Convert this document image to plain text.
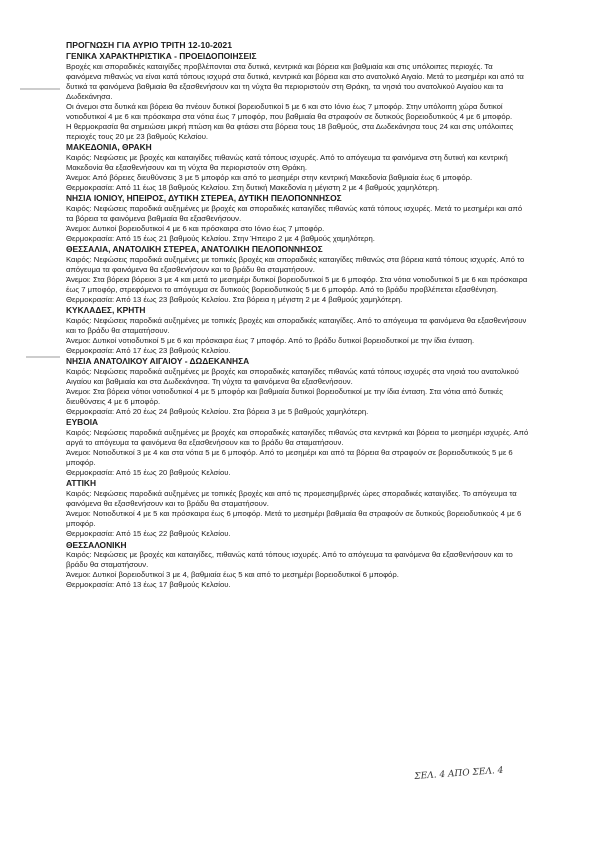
ΠΡΟΓΝΩΣΗ ΓΙΑ ΑΥΡΙΟ ΤΡΙΤΗ 12-10-2021
ΓΕΝΙΚΑ ΧΑΡΑΚΤΗΡΙΣΤΙΚΑ - ΠΡΟΕΙΔΟΠΟΙΗΣΕΙΣ

Βροχές και σποραδικές καταιγίδες προβλέπονται στα δυτικά, κεντρικά και βόρεια και βαθμιαία και στις υπόλοιπες περιοχές. Τα φαινόμενα πιθανώς να είναι κατά τόπους ισχυρά στα δυτικά, κεντρικά και βόρεια και στο ανατολικό Αιγαίο. Μετά το μεσημέρι και από τα δυτικά τα φαινόμενα βαθμιαία θα εξασθενήσουν και τη νύχτα θα περιοριστούν στη Θράκη, τα νησιά του ανατολικού Αιγαίου και τα Δωδεκάνησα.

Οι άνεμοι στα δυτικά και βόρεια θα πνέουν δυτικοί βορειοδυτικοί 5 με 6 και στο Ιόνιο έως 7 μποφόρ. Στην υπόλοιπη χώρα δυτικοί νοτιοδυτικοί 4 με 6 και πρόσκαιρα στα νότια έως 7 μποφόρ, που βαθμιαία θα στραφούν σε δυτικούς βορειοδυτικούς 4 με 6 μποφόρ.

Η θερμοκρασία θα σημειώσει μικρή πτώση και θα φτάσει στα βόρεια τους 18 βαθμούς, στα Δωδεκάνησα τους 24 και στις υπόλοιπες περιοχές τους 20 με 23 βαθμούς Κελσίου.

ΜΑΚΕΔΟΝΙΑ, ΘΡΑΚΗ

Καιρός: Νεφώσεις με βροχές και καταιγίδες πιθανώς κατά τόπους ισχυρές. Από το απόγευμα τα φαινόμενα στη δυτική και κεντρική Μακεδονία θα εξασθενήσουν και τη νύχτα θα περιοριστούν στη Θράκη.

Άνεμοι: Από βόρειες διευθύνσεις 3 με 5 μποφόρ και από το μεσημέρι στην κεντρική Μακεδονία βαθμιαία έως 6 μποφόρ.

Θερμοκρασία: Από 11 έως 18 βαθμούς Κελσίου. Στη δυτική Μακεδονία η μέγιστη 2 με 4 βαθμούς χαμηλότερη.

ΝΗΣΙΑ ΙΟΝΙΟΥ, ΗΠΕΙΡΟΣ, ΔΥΤΙΚΗ ΣΤΕΡΕΑ, ΔΥΤΙΚΗ ΠΕΛΟΠΟΝΝΗΣΟΣ

Καιρός: Νεφώσεις παροδικά αυξημένες με βροχές και σποραδικές καταιγίδες πιθανώς κατά τόπους ισχυρές. Μετά το μεσημέρι και από τα βόρεια τα φαινόμενα βαθμιαία θα εξασθενήσουν.

Άνεμοι: Δυτικοί βορειοδυτικοί 4 με 6 και πρόσκαιρα στο Ιόνιο έως 7 μποφόρ.

Θερμοκρασία: Από 15 έως 21 βαθμούς Κελσίου. Στην Ήπειρο 2 με 4 βαθμούς χαμηλότερη.

ΘΕΣΣΑΛΙΑ, ΑΝΑΤΟΛΙΚΗ ΣΤΕΡΕΑ, ΑΝΑΤΟΛΙΚΗ ΠΕΛΟΠΟΝΝΗΣΟΣ

Καιρός: Νεφώσεις παροδικά αυξημένες με τοπικές βροχές και σποραδικές καταιγίδες πιθανώς στα βόρεια κατά τόπους ισχυρές. Από το απόγευμα τα φαινόμενα θα εξασθενήσουν και το βράδυ θα σταματήσουν.

Άνεμοι: Στα βόρεια βόρειοι 3 με 4 και μετά το μεσημέρι δυτικοί βορειοδυτικοί 5 με 6 μποφόρ. Στα νότια νοτιοδυτικοί 5 με 6 και πρόσκαιρα έως 7 μποφόρ, στρεφόμενοι το απόγευμα σε δυτικούς βορειοδυτικούς 5 με 6 μποφόρ. Από το βράδυ προβλέπεται εξασθένηση.

Θερμοκρασία: Από 13 έως 23 βαθμούς Κελσίου. Στα βόρεια η μέγιστη 2 με 4 βαθμούς χαμηλότερη.

ΚΥΚΛΑΔΕΣ, ΚΡΗΤΗ

Καιρός: Νεφώσεις παροδικά αυξημένες με τοπικές βροχές και σποραδικές καταιγίδες. Από το απόγευμα τα φαινόμενα θα εξασθενήσουν και το βράδυ θα σταματήσουν.

Άνεμοι: Δυτικοί νοτιοδυτικοί 5 με 6 και πρόσκαιρα έως 7 μποφόρ. Από το βράδυ δυτικοί βορειοδυτικοί με την ίδια ένταση.

Θερμοκρασία: Από 17 έως 23 βαθμούς Κελσίου.

ΝΗΣΙΑ ΑΝΑΤΟΛΙΚΟΥ ΑΙΓΑΙΟΥ - ΔΩΔΕΚΑΝΗΣΑ

Καιρός: Νεφώσεις παροδικά αυξημένες με βροχές και σποραδικές καταιγίδες πιθανώς κατά τόπους ισχυρές στα νησιά του ανατολικού Αιγαίου και βαθμιαία και στα Δωδεκάνησα. Τη νύχτα τα φαινόμενα θα εξασθενήσουν.

Άνεμοι: Στα βόρεια νότιοι νοτιοδυτικοί 4 με 5 μποφόρ και βαθμιαία δυτικοί βορειοδυτικοί με την ίδια ένταση. Στα νότια από δυτικές διευθύνσεις 4 με 6 μποφόρ.

Θερμοκρασία: Από 20 έως 24 βαθμούς Κελσίου. Στα βόρεια 3 με 5 βαθμούς χαμηλότερη.

ΕΥΒΟΙΑ

Καιρός: Νεφώσεις παροδικά αυξημένες με βροχές και σποραδικές καταιγίδες πιθανώς στα κεντρικά και βόρεια το μεσημέρι ισχυρές. Από αργά το απόγευμα τα φαινόμενα θα εξασθενήσουν και το βράδυ θα σταματήσουν.

Άνεμοι: Νοτιοδυτικοί 3 με 4 και στα νότια 5 με 6 μποφόρ. Από το μεσημέρι και από τα βόρεια θα στραφούν σε βορειοδυτικούς 5 με 6 μποφόρ.

Θερμοκρασία: Από 15 έως 20 βαθμούς Κελσίου.

ΑΤΤΙΚΗ

Καιρός: Νεφώσεις παροδικά αυξημένες με τοπικές βροχές και από τις προμεσημβρινές ώρες σποραδικές καταιγίδες. Το απόγευμα τα φαινόμενα θα εξασθενήσουν και το βράδυ θα σταματήσουν.

Άνεμοι: Νοτιοδυτικοί 4 με 5 και πρόσκαιρα έως 6 μποφόρ. Μετά το μεσημέρι βαθμιαία θα στραφούν σε δυτικούς βορειοδυτικούς 4 με 6 μποφόρ.

Θερμοκρασία: Από 15 έως 22 βαθμούς Κελσίου.

ΘΕΣΣΑΛΟΝΙΚΗ

Καιρός: Νεφώσεις με βροχές και καταιγίδες, πιθανώς κατά τόπους ισχυρές. Από το απόγευμα τα φαινόμενα θα εξασθενήσουν και το βράδυ θα σταματήσουν.

Άνεμοι: Δυτικοί βορειοδυτικοί 3 με 4, βαθμιαία έως 5 και από το μεσημέρι βορειοδυτικοί 6 μποφόρ.

Θερμοκρασία: Από 13 έως 17 βαθμούς Κελσίου.

ΣΕΛ. 4 ΑΠΟ ΣΕΛ. 4
